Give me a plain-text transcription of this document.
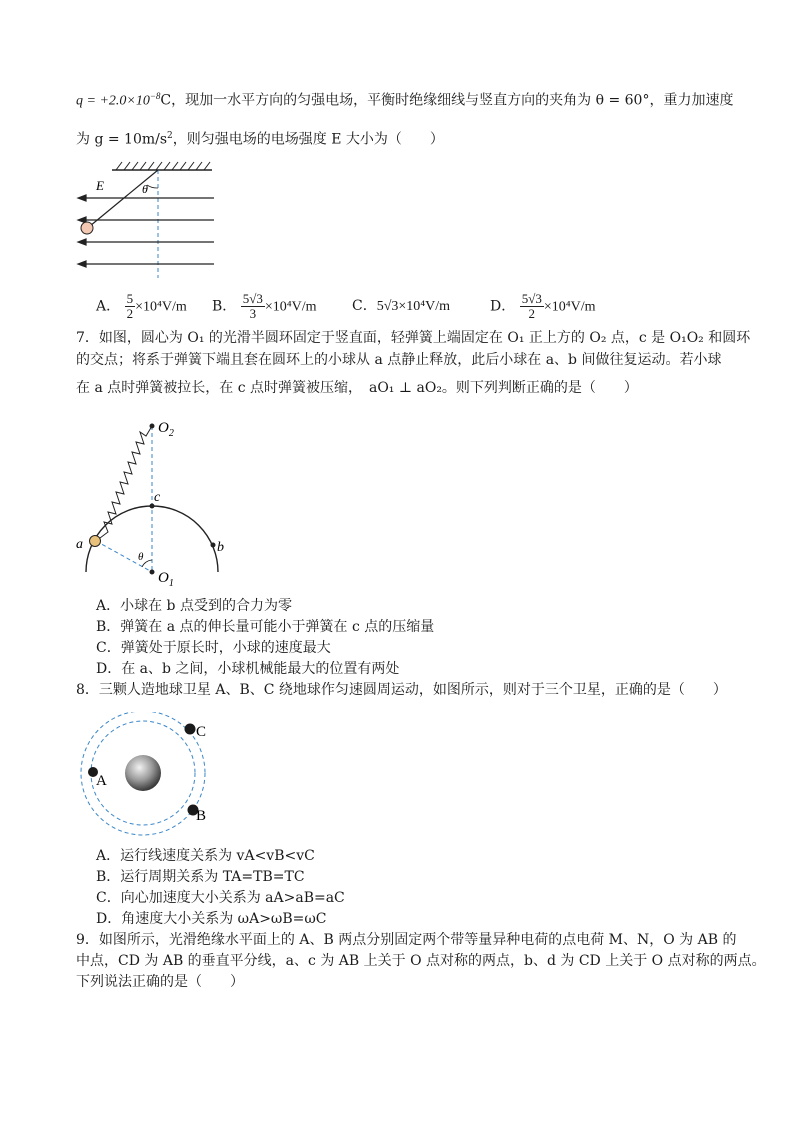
$q = +2.0\times 10^{-8}C$，现加一水平方向的匀强电场，平衡时绝缘细线与竖直方向的夹角为 θ = 60°，重力加速度
为 $g = 10m/s^2$，则匀强电场的电场强度 E 大小为（　　）
E	θ
A． $\frac{5}{2} \times 10^4V/m$ B． $\frac{5√3}{3} \times 10^4V/m$	C．5√3×10⁴V/m	D． $\frac{5√3}{2} \times 10^4V/m$
7．如图，圆心为 O₁ 的光滑半圆环固定于竖直面，轻弹簧上端固定在 O₁ 正上方的 O₂ 点，c 是 O₁O₂ 和圆环
的交点；将系于弹簧下端且套在圆环上的小球从 a 点静止释放，此后小球在 a、b 间做往复运动。若小球
在 a 点时弹簧被拉长，在 c 点时弹簧被压缩，　aO₁ ⊥ aO₂。则下列判断正确的是（　　）
$O_2$
c
$O_1$
a	b
θ
A．小球在 b 点受到的合力为零
B．弹簧在 a 点的伸长量可能小于弹簧在 c 点的压缩量
C．弹簧处于原长时，小球的速度最大
D．在 a、b 之间，小球机械能最大的位置有两处
8．三颗人造地球卫星 A、B、C 绕地球作匀速圆周运动，如图所示，则对于三个卫星，正确的是（　　）
A
B
C
A．运行线速度关系为 vA<vB<vC
B．运行周期关系为 TA=TB=TC
C．向心加速度大小关系为 aA>aB=aC
D．角速度大小关系为 ωA>ωB=ωC
9．如图所示，光滑绝缘水平面上的 A、B 两点分别固定两个带等量异种电荷的点电荷 M、N，O 为 AB 的
中点，CD 为 AB 的垂直平分线，a、c 为 AB 上关于 O 点对称的两点，b、d 为 CD 上关于 O 点对称的两点。
下列说法正确的是（　　）
